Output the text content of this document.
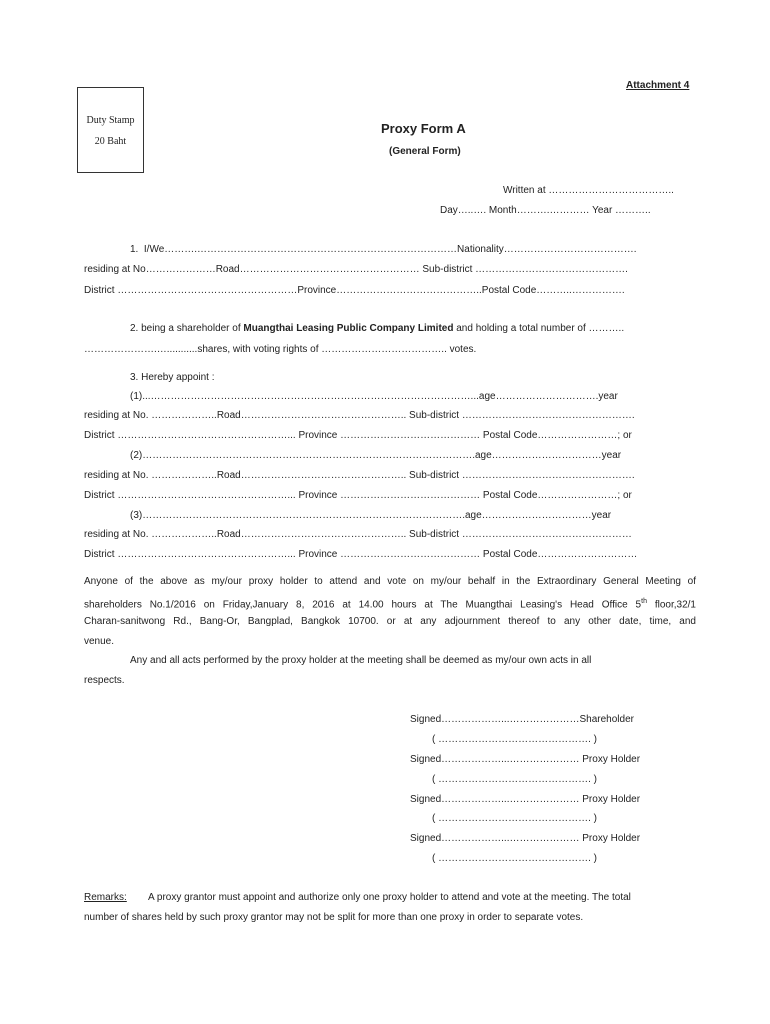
Attachment 4
Duty Stamp
20 Baht
Proxy Form A
(General Form)
Written at ………………………………..
Day…..…. Month……….………… Year ………..
1.  I/We……….……………………………………………………………………Nationality………………………………….
residing at No…………………Road……………………………………………… Sub-district ……………………………………….
District ………………………………………………Province……………………………………..Postal Code………..…………….
2. being a shareholder of Muangthai Leasing Public Company Limited and holding a total number of ………..
………………….…...........shares, with voting rights of ……………………………….. votes.
3. Hereby appoint :
(1)...……………………………………………………………………………………...age………………………….year
residing at No. ………………..Road………………………………………….. Sub-district …………………………………………….
District ……………………………………………... Province …………………………………… Postal Code……………………; or
(2)……………………………………………………………………………………….age……………………………year
residing at No. ………………..Road………………………………………….. Sub-district …………………………………………….
District ……………………………………………... Province …………………………………… Postal Code……………………; or
(3)…………………………………………………………………………………….age……………………………year
residing at No. ………………..Road………………………………………….. Sub-district ……………………………………………
District ……………………………………………... Province …………………………………… Postal Code…………………………
Anyone of the above as my/our proxy holder to attend and vote on my/our behalf in the Extraordinary General Meeting of
shareholders No.1/2016 on Friday,January 8, 2016 at 14.00 hours at The Muangthai Leasing's Head Office 5th floor,32/1
Charan-sanitwong Rd., Bang-Or, Bangplad, Bangkok 10700. or at any adjournment thereof to any other date, time, and
venue.
Any and all acts performed by the proxy holder at the meeting shall be deemed as my/our own acts in all
respects.
Signed………………...…………………Shareholder
( ………………………………………. )
Signed………………...………………… Proxy Holder
( ………………………………………. )
Signed………………...………………… Proxy Holder
( ………………………………………. )
Signed………………...………………… Proxy Holder
( ………………………………………. )
Remarks: A proxy grantor must appoint and authorize only one proxy holder to attend and vote at the meeting. The total
number of shares held by such proxy grantor may not be split for more than one proxy in order to separate votes.
